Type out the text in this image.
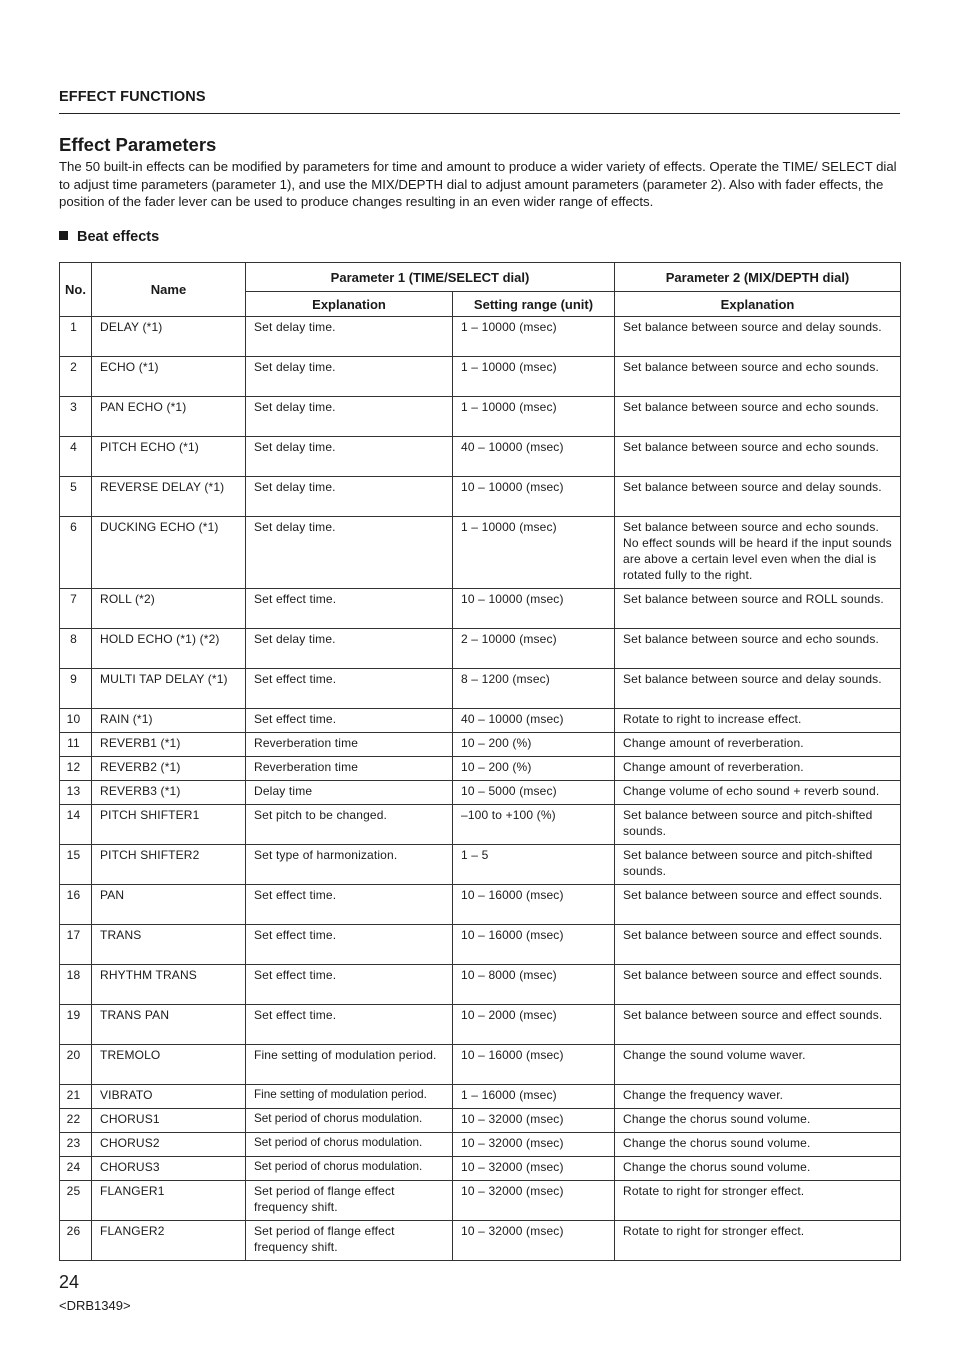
EFFECT FUNCTIONS
Effect Parameters
The 50 built-in effects can be modified by parameters for time and amount to produce a wider variety of effects. Operate the TIME/ SELECT dial to adjust time parameters (parameter 1), and use the MIX/DEPTH dial to adjust amount parameters (parameter 2). Also with fader effects, the position of the fader lever can be used to produce changes resulting in an even wider range of effects.
Beat effects
No.	Name	Parameter 1 (TIME/SELECT dial)		Parameter 2 (MIX/DEPTH dial)
		Explanation	Setting range (unit)	Explanation
1	DELAY (*1)	Set delay time.	1 – 10000 (msec)	Set balance between source and delay sounds.
2	ECHO (*1)	Set delay time.	1 – 10000 (msec)	Set balance between source and echo sounds.
3	PAN ECHO (*1)	Set delay time.	1 – 10000 (msec)	Set balance between source and echo sounds.
4	PITCH ECHO (*1)	Set delay time.	40 – 10000 (msec)	Set balance between source and echo sounds.
5	REVERSE DELAY (*1)	Set delay time.	10 – 10000 (msec)	Set balance between source and delay sounds.
6	DUCKING ECHO (*1)	Set delay time.	1 – 10000 (msec)	Set balance between source and echo sounds. No effect sounds will be heard if the input sounds are above a certain level even when the dial is rotated fully to the right.
7	ROLL (*2)	Set effect time.	10 – 10000 (msec)	Set balance between source and ROLL sounds.
8	HOLD ECHO (*1) (*2)	Set delay time.	2 – 10000 (msec)	Set balance between source and echo sounds.
9	MULTI TAP DELAY (*1)	Set effect time.	8 – 1200 (msec)	Set balance between source and delay sounds.
10	RAIN (*1)	Set effect time.	40 – 10000 (msec)	Rotate to right to increase effect.
11	REVERB1 (*1)	Reverberation time	10 – 200 (%)	Change amount of reverberation.
12	REVERB2 (*1)	Reverberation time	10 – 200 (%)	Change amount of reverberation.
13	REVERB3 (*1)	Delay time	10 – 5000 (msec)	Change volume of echo sound + reverb sound.
14	PITCH SHIFTER1	Set pitch to be changed.	–100 to +100 (%)	Set balance between source and pitch-shifted sounds.
15	PITCH SHIFTER2	Set type of harmonization.	1 – 5	Set balance between source and pitch-shifted sounds.
16	PAN	Set effect time.	10 – 16000 (msec)	Set balance between source and effect sounds.
17	TRANS	Set effect time.	10 – 16000 (msec)	Set balance between source and effect sounds.
18	RHYTHM TRANS	Set effect time.	10 – 8000 (msec)	Set balance between source and effect sounds.
19	TRANS PAN	Set effect time.	10 – 2000 (msec)	Set balance between source and effect sounds.
20	TREMOLO	Fine setting of modulation period.	10 – 16000 (msec)	Change the sound volume waver.
21	VIBRATO	Fine setting of modulation period.	1 – 16000 (msec)	Change the frequency waver.
22	CHORUS1	Set period of chorus modulation.	10 – 32000 (msec)	Change the chorus sound volume.
23	CHORUS2	Set period of chorus modulation.	10 – 32000 (msec)	Change the chorus sound volume.
24	CHORUS3	Set period of chorus modulation.	10 – 32000 (msec)	Change the chorus sound volume.
25	FLANGER1	Set period of flange effect frequency shift.	10 – 32000 (msec)	Rotate to right for stronger effect.
26	FLANGER2	Set period of flange effect frequency shift.	10 – 32000 (msec)	Rotate to right for stronger effect.
24
<DRB1349>
